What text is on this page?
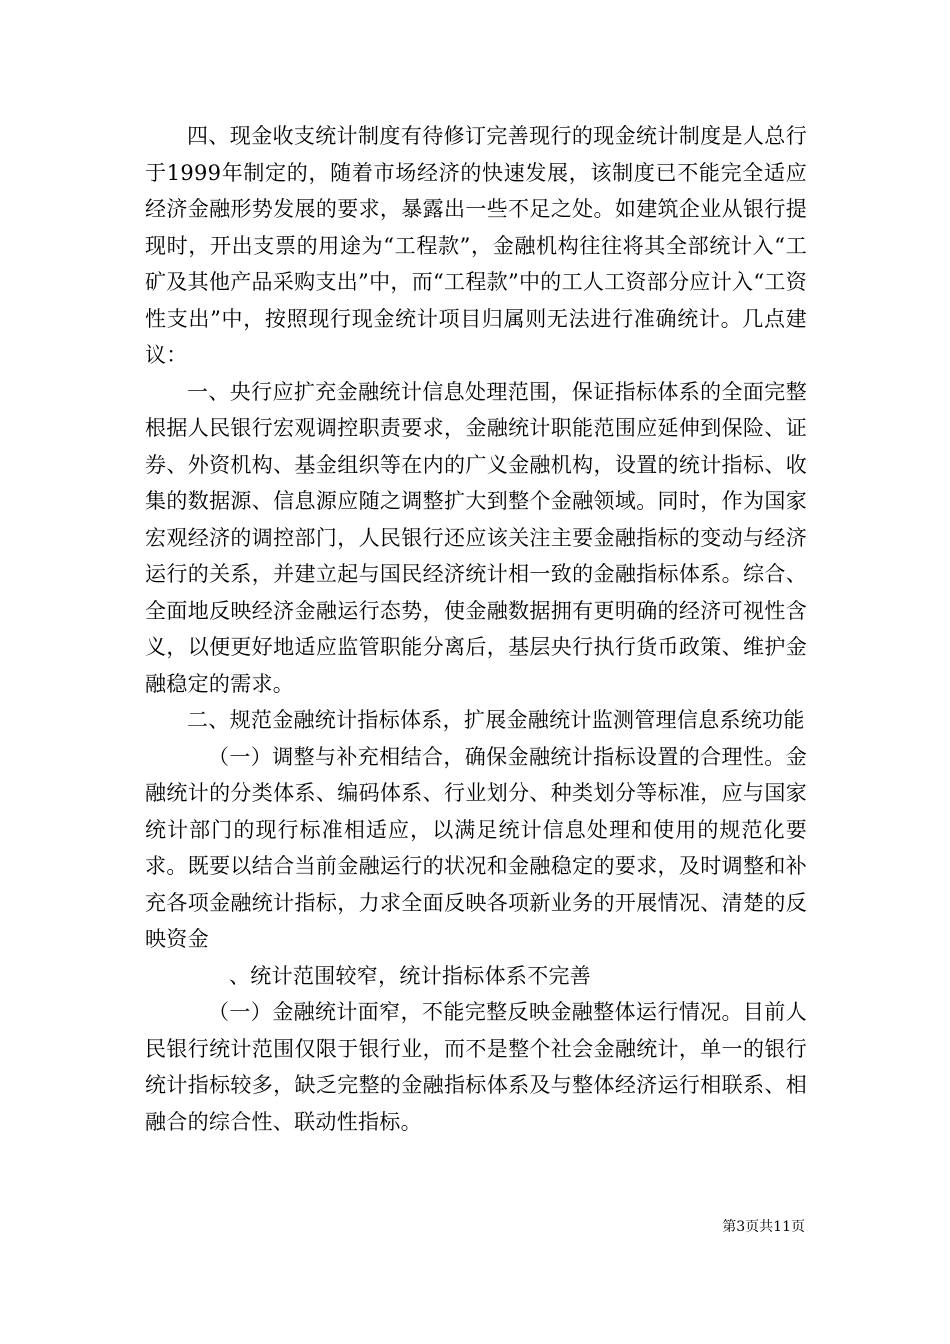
四、现金收支统计制度有待修订完善现行的现金统计制度是人总行于1999年制定的，随着市场经济的快速发展，该制度已不能完全适应经济金融形势发展的要求，暴露出一些不足之处。如建筑企业从银行提现时，开出支票的用途为“工程款”，金融机构往往将其全部统计入“工矿及其他产品采购支出”中，而“工程款”中的工人工资部分应计入“工资性支出”中，按照现行现金统计项目归属则无法进行准确统计。几点建议：

一、央行应扩充金融统计信息处理范围，保证指标体系的全面完整根据人民银行宏观调控职责要求，金融统计职能范围应延伸到保险、证券、外资机构、基金组织等在内的广义金融机构，设置的统计指标、收集的数据源、信息源应随之调整扩大到整个金融领域。同时，作为国家宏观经济的调控部门，人民银行还应该关注主要金融指标的变动与经济运行的关系，并建立起与国民经济统计相一致的金融指标体系。综合、全面地反映经济金融运行态势，使金融数据拥有更明确的经济可视性含义，以便更好地适应监管职能分离后，基层央行执行货币政策、维护金融稳定的需求。

二、规范金融统计指标体系，扩展金融统计监测管理信息系统功能

（一）调整与补充相结合，确保金融统计指标设置的合理性。金融统计的分类体系、编码体系、行业划分、种类划分等标准，应与国家统计部门的现行标准相适应，以满足统计信息处理和使用的规范化要求。既要以结合当前金融运行的状况和金融稳定的要求，及时调整和补充各项金融统计指标，力求全面反映各项新业务的开展情况、清楚的反映资金

、统计范围较窄，统计指标体系不完善

（一）金融统计面窄，不能完整反映金融整体运行情况。目前人民银行统计范围仅限于银行业，而不是整个社会金融统计，单一的银行统计指标较多，缺乏完整的金融指标体系及与整体经济运行相联系、相融合的综合性、联动性指标。

第3页共11页
